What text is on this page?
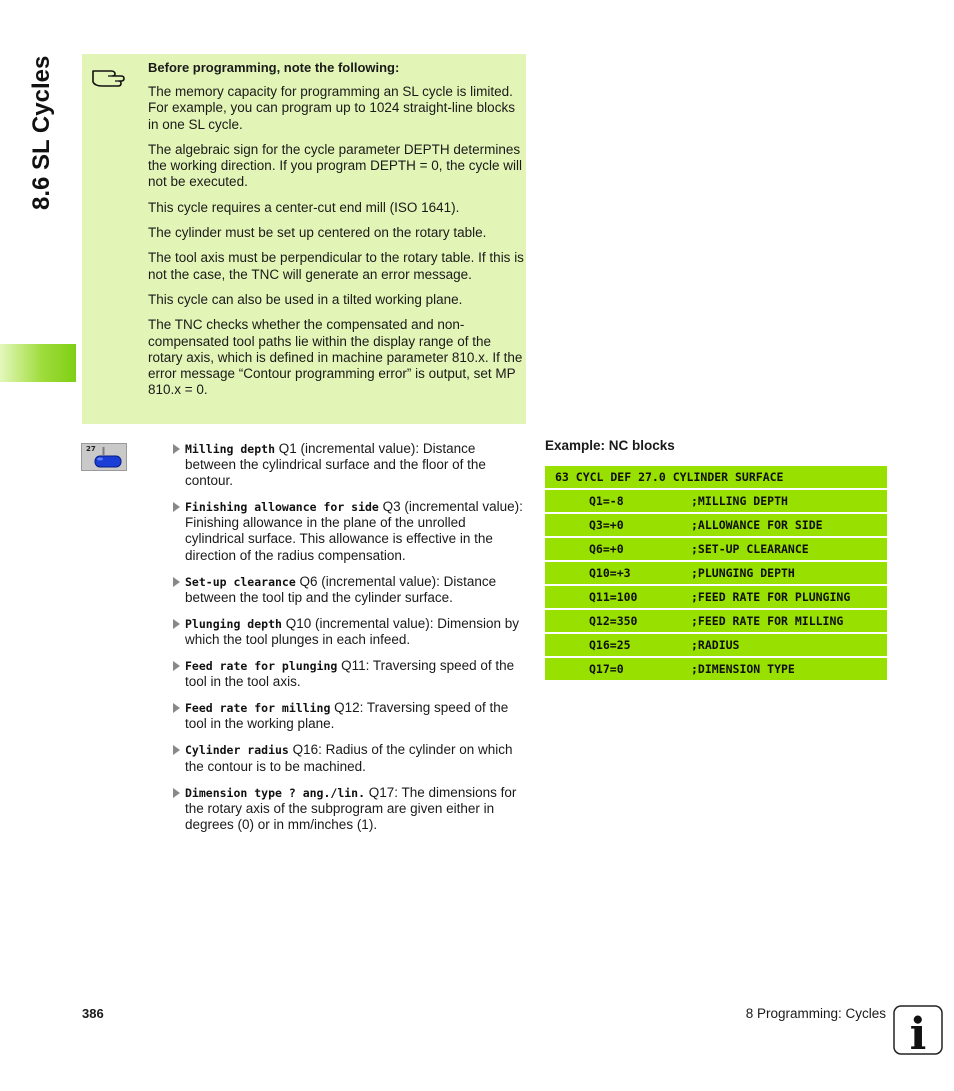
8.6 SL Cycles	Before programming, note the following:

The memory capacity for programming an SL cycle is limited. For example, you can program up to 1024 straight-line blocks in one SL cycle.

The algebraic sign for the cycle parameter DEPTH determines the working direction. If you program DEPTH = 0, the cycle will not be executed.

This cycle requires a center-cut end mill (ISO 1641).

The cylinder must be set up centered on the rotary table.

The tool axis must be perpendicular to the rotary table. If this is not the case, the TNC will generate an error message.

This cycle can also be used in a tilted working plane.

The TNC checks whether the compensated and non-compensated tool paths lie within the display range of the rotary axis, which is defined in machine parameter 810.x. If the error message “Contour programming error” is output, set MP 810.x = 0.

27	Milling depth Q1 (incremental value): Distance between the cylindrical surface and the floor of the contour.
Finishing allowance for side Q3 (incremental value): Finishing allowance in the plane of the unrolled cylindrical surface. This allowance is effective in the direction of the radius compensation.
Set-up clearance Q6 (incremental value): Distance between the tool tip and the cylinder surface.
Plunging depth Q10 (incremental value): Dimension by which the tool plunges in each infeed.
Feed rate for plunging Q11: Traversing speed of the tool in the tool axis.
Feed rate for milling Q12: Traversing speed of the tool in the working plane.
Cylinder radius Q16: Radius of the cylinder on which the contour is to be machined.
Dimension type ? ang./lin. Q17: The dimensions for the rotary axis of the subprogram are given either in degrees (0) or in mm/inches (1).
Example: NC blocks
63 CYCL DEF 27.0 CYLINDER SURFACE
Q1=-8	;MILLING DEPTH
Q3=+0	;ALLOWANCE FOR SIDE
Q6=+0	;SET-UP CLEARANCE
Q10=+3	;PLUNGING DEPTH
Q11=100	;FEED RATE FOR PLUNGING
Q12=350	;FEED RATE FOR MILLING
Q16=25	;RADIUS
Q17=0	;DIMENSION TYPE
386	8 Programming: Cycles i
